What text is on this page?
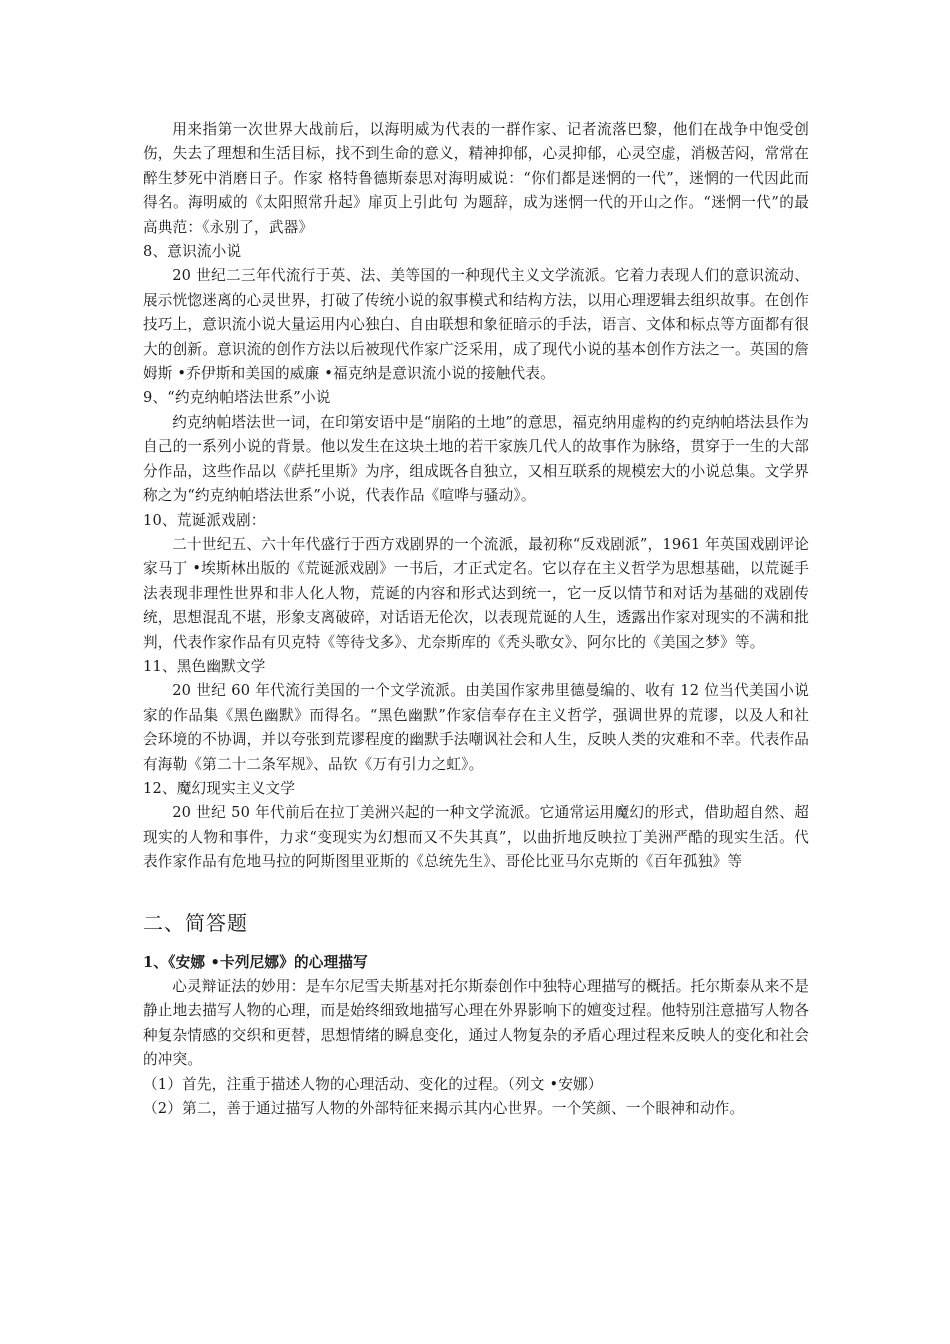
用来指第一次世界大战前后，以海明威为代表的一群作家、记者流落巴黎，他们在战争中饱受创伤，失去了理想和生活目标，找不到生命的意义，精神抑郁，心灵抑郁，心灵空虚，消极苦闷，常常在醉生梦死中消磨日子。作家 格特鲁德斯泰思对海明威说：“你们都是迷惘的一代”，迷惘的一代因此而得名。海明威的《太阳照常升起》扉页上引此句 为题辞，成为迷惘一代的开山之作。“迷惘一代”的最高典范：《永别了，武器》

8、意识流小说

20 世纪二三年代流行于英、法、美等国的一种现代主义文学流派。它着力表现人们的意识流动、展示恍惚迷离的心灵世界，打破了传统小说的叙事模式和结构方法，以用心理逻辑去组织故事。在创作技巧上，意识流小说大量运用内心独白、自由联想和象征暗示的手法，语言、文体和标点等方面都有很大的创新。意识流的创作方法以后被现代作家广泛采用，成了现代小说的基本创作方法之一。英国的詹姆斯 •乔伊斯和美国的威廉 •福克纳是意识流小说的接触代表。

9、“约克纳帕塔法世系”小说

约克纳帕塔法世一词，在印第安语中是“崩陷的土地”的意思，福克纳用虚构的约克纳帕塔法县作为自己的一系列小说的背景。他以发生在这块土地的若干家族几代人的故事作为脉络，贯穿于一生的大部分作品，这些作品以《萨托里斯》为序，组成既各自独立，又相互联系的规模宏大的小说总集。文学界称之为“约克纳帕塔法世系”小说，代表作品《喧哗与骚动》。

10、荒诞派戏剧：

二十世纪五、六十年代盛行于西方戏剧界的一个流派，最初称“反戏剧派”，1961 年英国戏剧评论家马丁 •埃斯林出版的《荒诞派戏剧》一书后，才正式定名。它以存在主义哲学为思想基础，以荒诞手法表现非理性世界和非人化人物，荒诞的内容和形式达到统一，它一反以情节和对话为基础的戏剧传统，思想混乱不堪，形象支离破碎，对话语无伦次，以表现荒诞的人生，透露出作家对现实的不满和批判，代表作家作品有贝克特《等待戈多》、尤奈斯库的《秃头歌女》、阿尔比的《美国之梦》等。

11、黑色幽默文学

20 世纪 60 年代流行美国的一个文学流派。由美国作家弗里德曼编的、收有 12 位当代美国小说家的作品集《黑色幽默》而得名。“黑色幽默”作家信奉存在主义哲学，强调世界的荒谬，以及人和社会环境的不协调，并以夸张到荒谬程度的幽默手法嘲讽社会和人生，反映人类的灾难和不幸。代表作品有海勒《第二十二条军规》、品钦《万有引力之虹》。

12、魔幻现实主义文学

20 世纪 50 年代前后在拉丁美洲兴起的一种文学流派。它通常运用魔幻的形式，借助超自然、超现实的人物和事件，力求“变现实为幻想而又不失其真”，以曲折地反映拉丁美洲严酷的现实生活。代表作家作品有危地马拉的阿斯图里亚斯的《总统先生》、哥伦比亚马尔克斯的《百年孤独》等

二、简答题

1、《安娜 •卡列尼娜》的心理描写

心灵辩证法的妙用：是车尔尼雪夫斯基对托尔斯泰创作中独特心理描写的概括。托尔斯泰从来不是静止地去描写人物的心理，而是始终细致地描写心理在外界影响下的嬗变过程。他特别注意描写人物各种复杂情感的交织和更替，思想情绪的瞬息变化，通过人物复杂的矛盾心理过程来反映人的变化和社会的冲突。

（1）首先，注重于描述人物的心理活动、变化的过程。（列文 •安娜）

（2）第二，善于通过描写人物的外部特征来揭示其内心世界。一个笑颜、一个眼神和动作。
